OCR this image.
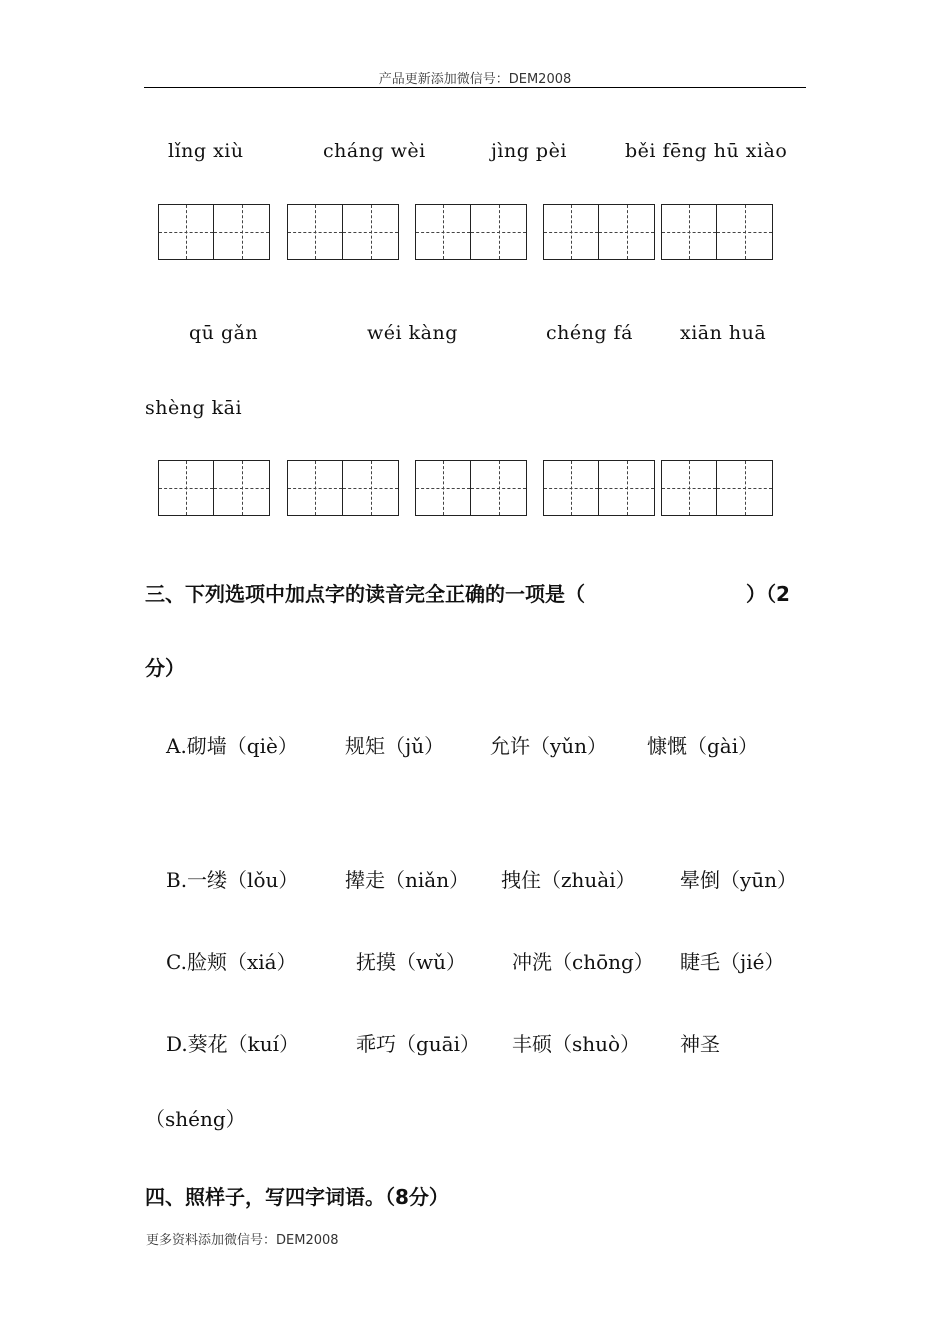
产品更新添加微信号：DEM2008
lǐng xiù	cháng wèi	jìng pèi	běi fēng hū xiào
qū gǎn	wéi kàng	chéng fá xiān huā
shèng kāi
三、下列选项中加点字的读音完全正确的一项是（	）（2
分）
A.砌墙（qiè） 规矩（jǔ） 允许（yǔn） 慷慨（gài）
B.一缕（lǒu） 撵走（niǎn） 拽住（zhuài） 晕倒（yūn）
C.脸颊（xiá）	抚摸（wǔ） 冲洗（chōng） 睫毛（jié）
D.葵花（kuí）	乖巧（guāi） 丰硕（shuò） 神圣
（shéng）
四、照样子，写四字词语。（8分）
更多资料添加微信号：DEM2008
